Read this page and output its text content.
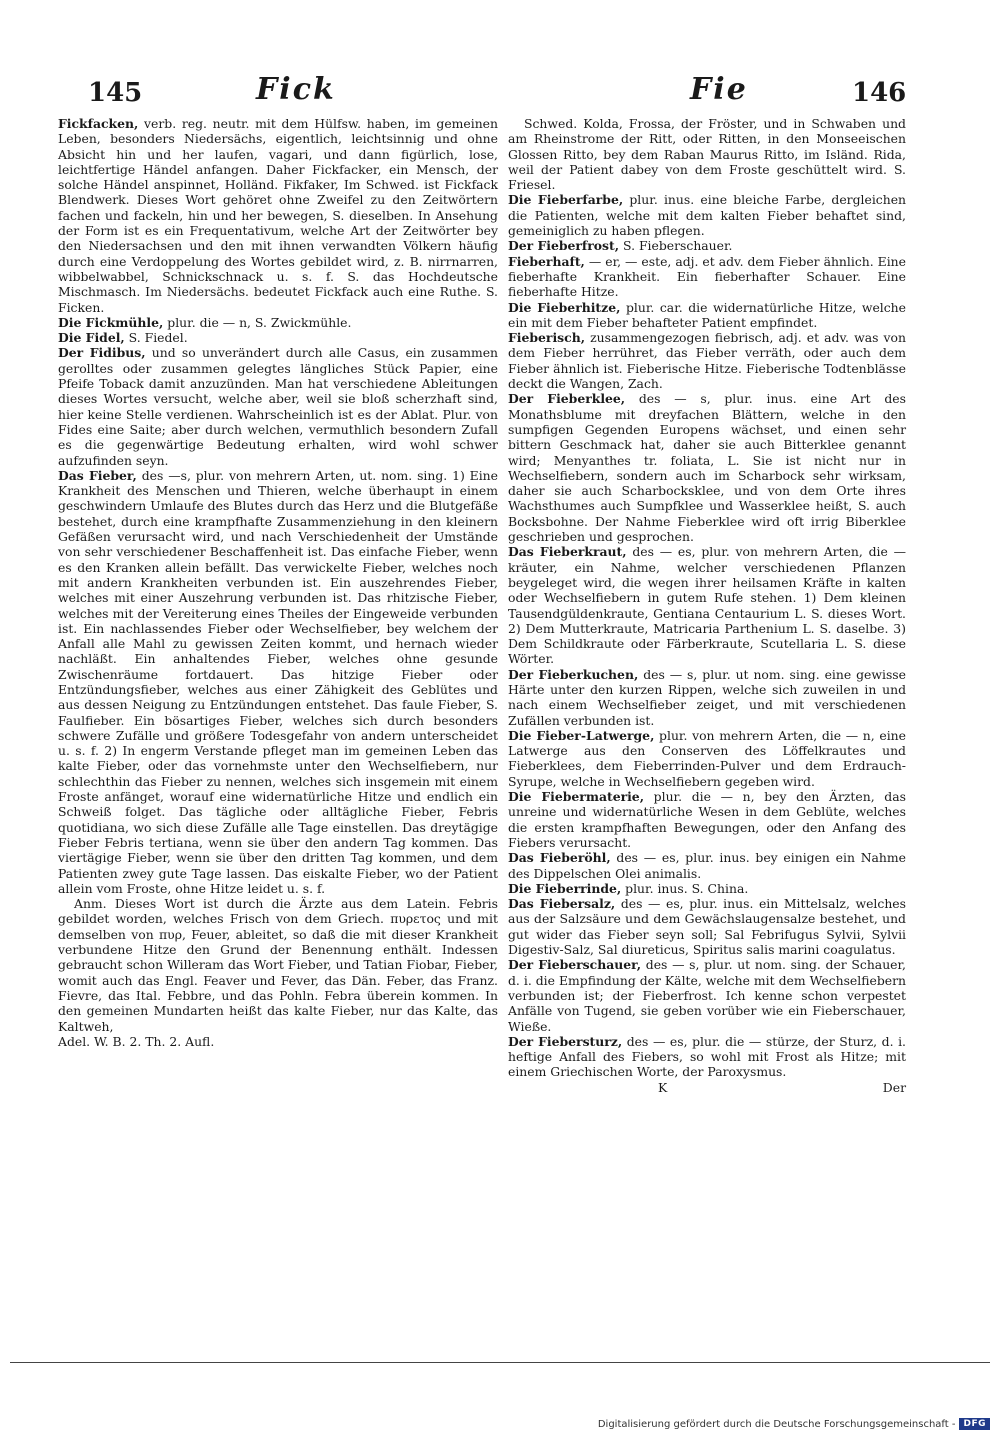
145	Fick	Fie	146

Fickfacken, verb. reg. neutr. mit dem Hülfsw. haben, im gemeinen Leben, besonders Niedersächs, eigentlich, leichtsinnig und ohne Absicht hin und her laufen, vagari, und dann figürlich, lose, leichtfertige Händel anfangen. Daher Fickfacker, ein Mensch, der solche Händel anspinnet, Holländ. Fikfaker, Im Schwed. ist Fickfack Blendwerk. Dieses Wort gehöret ohne Zweifel zu den Zeitwörtern fachen und fackeln, hin und her bewegen, S. dieselben. In Ansehung der Form ist es ein Frequentativum, welche Art der Zeitwörter bey den Niedersachsen und den mit ihnen verwandten Völkern häufig durch eine Verdoppelung des Wortes gebildet wird, z. B. nirrnarren, wibbelwabbel, Schnickschnack u. s. f. S. das Hochdeutsche Mischmasch. Im Niedersächs. bedeutet Fickfack auch eine Ruthe. S. Ficken.

Die Fickmühle, plur. die — n, S. Zwickmühle.

Die Fidel, S. Fiedel.

Der Fidibus, und so unverändert durch alle Casus, ein zusammen gerolltes oder zusammen gelegtes längliches Stück Papier, eine Pfeife Toback damit anzuzünden. Man hat verschiedene Ableitungen dieses Wortes versucht, welche aber, weil sie bloß scherzhaft sind, hier keine Stelle verdienen. Wahrscheinlich ist es der Ablat. Plur. von Fides eine Saite; aber durch welchen, vermuthlich besondern Zufall es die gegenwärtige Bedeutung erhalten, wird wohl schwer aufzufinden seyn.

Das Fieber, des —s, plur. von mehrern Arten, ut. nom. sing. 1) Eine Krankheit des Menschen und Thieren, welche überhaupt in einem geschwindern Umlaufe des Blutes durch das Herz und die Blutgefäße bestehet, durch eine krampfhafte Zusammenziehung in den kleinern Gefäßen verursacht wird, und nach Verschiedenheit der Umstände von sehr verschiedener Beschaffenheit ist. Das einfache Fieber, wenn es den Kranken allein befällt. Das verwickelte Fieber, welches noch mit andern Krankheiten verbunden ist. Ein auszehrendes Fieber, welches mit einer Auszehrung verbunden ist. Das rhitzische Fieber, welches mit der Vereiterung eines Theiles der Eingeweide verbunden ist. Ein nachlassendes Fieber oder Wechselfieber, bey welchem der Anfall alle Mahl zu gewissen Zeiten kommt, und hernach wieder nachläßt. Ein anhaltendes Fieber, welches ohne gesunde Zwischenräume fortdauert. Das hitzige Fieber oder Entzündungsfieber, welches aus einer Zähigkeit des Geblütes und aus dessen Neigung zu Entzündungen entstehet. Das faule Fieber, S. Faulfieber. Ein bösartiges Fieber, welches sich durch besonders schwere Zufälle und größere Todesgefahr von andern unterscheidet u. s. f. 2) In engerm Verstande pfleget man im gemeinen Leben das kalte Fieber, oder das vornehmste unter den Wechselfiebern, nur schlechthin das Fieber zu nennen, welches sich insgemein mit einem Froste anfänget, worauf eine widernatürliche Hitze und endlich ein Schweiß folget. Das tägliche oder alltägliche Fieber, Febris quotidiana, wo sich diese Zufälle alle Tage einstellen. Das dreytägige Fieber Febris tertiana, wenn sie über den andern Tag kommen. Das viertägige Fieber, wenn sie über den dritten Tag kommen, und dem Patienten zwey gute Tage lassen. Das eiskalte Fieber, wo der Patient allein vom Froste, ohne Hitze leidet u. s. f.

Anm. Dieses Wort ist durch die Ärzte aus dem Latein. Febris gebildet worden, welches Frisch von dem Griech. πυρετος und mit demselben von πυρ, Feuer, ableitet, so daß die mit dieser Krankheit verbundene Hitze den Grund der Benennung enthält. Indessen gebraucht schon Willeram das Wort Fieber, und Tatian Fiobar, Fieber, womit auch das Engl. Feaver und Fever, das Dän. Feber, das Franz. Fievre, das Ital. Febbre, und das Pohln. Febra überein kommen. In den gemeinen Mundarten heißt das kalte Fieber, nur das Kalte, das Kaltweh,

Adel. W. B. 2. Th. 2. Aufl.

Schwed. Kolda, Frossa, der Fröster, und in Schwaben und am Rheinstrome der Ritt, oder Ritten, in den Monseeischen Glossen Ritto, bey dem Raban Maurus Ritto, im Isländ. Rida, weil der Patient dabey von dem Froste geschüttelt wird. S. Friesel.

Die Fieberfarbe, plur. inus. eine bleiche Farbe, dergleichen die Patienten, welche mit dem kalten Fieber behaftet sind, gemeiniglich zu haben pflegen.

Der Fieberfrost, S. Fieberschauer.

Fieberhaft, — er, — este, adj. et adv. dem Fieber ähnlich. Eine fieberhafte Krankheit. Ein fieberhafter Schauer. Eine fieberhafte Hitze.

Die Fieberhitze, plur. car. die widernatürliche Hitze, welche ein mit dem Fieber behafteter Patient empfindet.

Fieberisch, zusammengezogen fiebrisch, adj. et adv. was von dem Fieber herrühret, das Fieber verräth, oder auch dem Fieber ähnlich ist. Fieberische Hitze. Fieberische Todtenblässe deckt die Wangen, Zach.

Der Fieberklee, des — s, plur. inus. eine Art des Monathsblume mit dreyfachen Blättern, welche in den sumpfigen Gegenden Europens wächset, und einen sehr bittern Geschmack hat, daher sie auch Bitterklee genannt wird; Menyanthes tr. foliata, L. Sie ist nicht nur in Wechselfiebern, sondern auch im Scharbock sehr wirksam, daher sie auch Scharbocksklee, und von dem Orte ihres Wachsthumes auch Sumpfklee und Wasserklee heißt, S. auch Bocksbohne. Der Nahme Fieberklee wird oft irrig Biberklee geschrieben und gesprochen.

Das Fieberkraut, des — es, plur. von mehrern Arten, die — kräuter, ein Nahme, welcher verschiedenen Pflanzen beygeleget wird, die wegen ihrer heilsamen Kräfte in kalten oder Wechselfiebern in gutem Rufe stehen. 1) Dem kleinen Tausendgüldenkraute, Gentiana Centaurium L. S. dieses Wort. 2) Dem Mutterkraute, Matricaria Parthenium L. S. daselbe. 3) Dem Schildkraute oder Färberkraute, Scutellaria L. S. diese Wörter.

Der Fieberkuchen, des — s, plur. ut nom. sing. eine gewisse Härte unter den kurzen Rippen, welche sich zuweilen in und nach einem Wechselfieber zeiget, und mit verschiedenen Zufällen verbunden ist.

Die Fieber-Latwerge, plur. von mehrern Arten, die — n, eine Latwerge aus den Conserven des Löffelkrautes und Fieberklees, dem Fieberrinden-Pulver und dem Erdrauch-Syrupe, welche in Wechselfiebern gegeben wird.

Die Fiebermaterie, plur. die — n, bey den Ärzten, das unreine und widernatürliche Wesen in dem Geblüte, welches die ersten krampfhaften Bewegungen, oder den Anfang des Fiebers verursacht.

Das Fieberöhl, des — es, plur. inus. bey einigen ein Nahme des Dippelschen Olei animalis.

Die Fieberrinde, plur. inus. S. China.

Das Fiebersalz, des — es, plur. inus. ein Mittelsalz, welches aus der Salzsäure und dem Gewächslaugensalze bestehet, und gut wider das Fieber seyn soll; Sal Febrifugus Sylvii, Sylvii Digestiv-Salz, Sal diureticus, Spiritus salis marini coagulatus.

Der Fieberschauer, des — s, plur. ut nom. sing. der Schauer, d. i. die Empfindung der Kälte, welche mit dem Wechselfiebern verbunden ist; der Fieberfrost. Ich kenne schon verpestet Anfälle von Tugend, sie geben vorüber wie ein Fieberschauer, Wieße.

Der Fiebersturz, des — es, plur. die — stürze, der Sturz, d. i. heftige Anfall des Fiebers, so wohl mit Frost als Hitze; mit einem Griechischen Worte, der Paroxysmus.

K	Der

Digitalisierung gefördert durch die Deutsche Forschungsgemeinschaft - DFG
